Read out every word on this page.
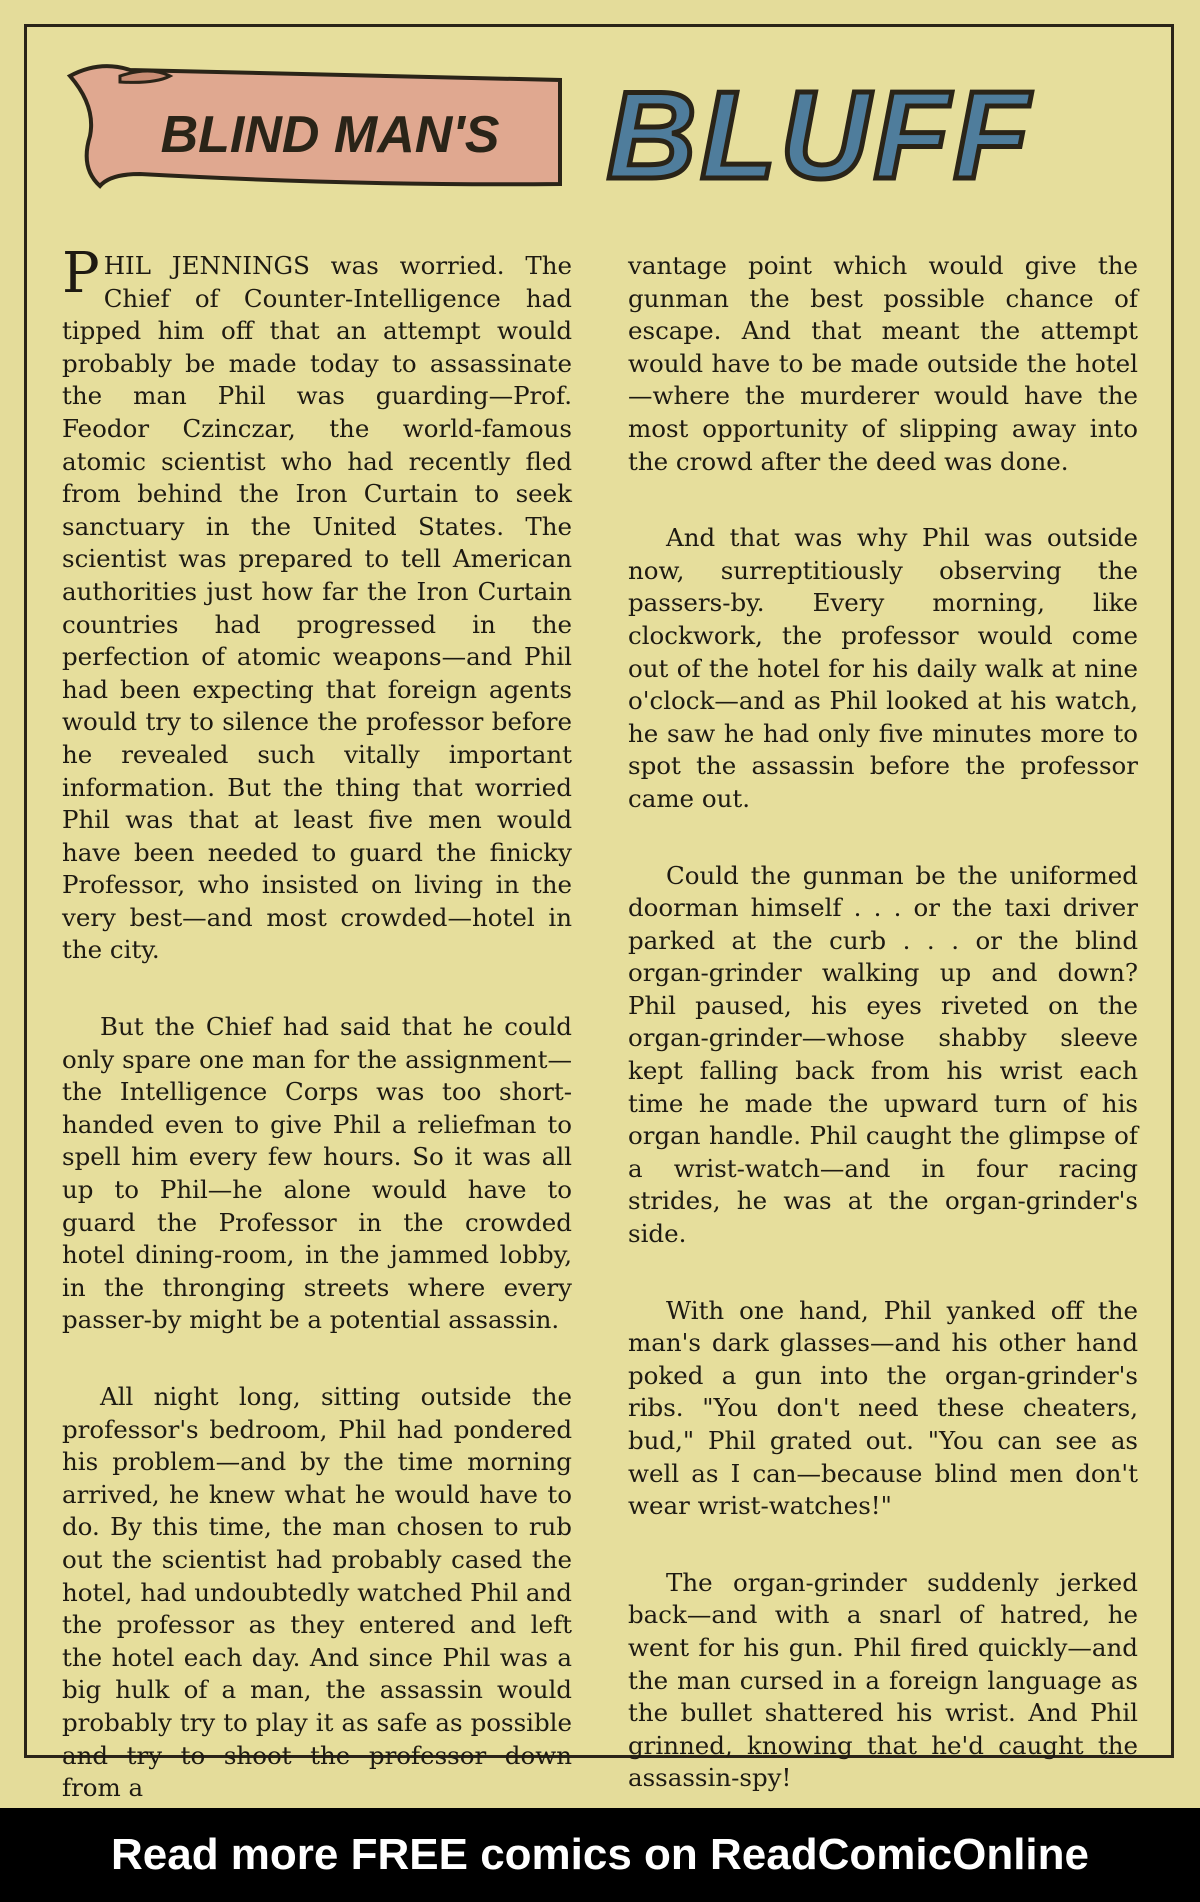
BLIND MAN'S BLUFF

PHIL JENNINGS was worried. The Chief of Counter-Intelligence had tipped him off that an attempt would probably be made today to assassinate the man Phil was guarding—Prof. Feodor Czinczar, the world-famous atomic scientist who had recently fled from behind the Iron Curtain to seek sanctuary in the United States. The scientist was prepared to tell American authorities just how far the Iron Curtain countries had progressed in the perfection of atomic weapons—and Phil had been expecting that foreign agents would try to silence the professor before he revealed such vitally important information. But the thing that worried Phil was that at least five men would have been needed to guard the finicky Professor, who insisted on living in the very best—and most crowded—hotel in the city.

But the Chief had said that he could only spare one man for the assignment—the Intelligence Corps was too short-handed even to give Phil a reliefman to spell him every few hours. So it was all up to Phil—he alone would have to guard the Professor in the crowded hotel dining-room, in the jammed lobby, in the thronging streets where every passer-by might be a potential assassin.

All night long, sitting outside the professor's bedroom, Phil had pondered his problem—and by the time morning arrived, he knew what he would have to do. By this time, the man chosen to rub out the scientist had probably cased the hotel, had undoubtedly watched Phil and the professor as they entered and left the hotel each day. And since Phil was a big hulk of a man, the assassin would probably try to play it as safe as possible and try to shoot the professor down from a

vantage point which would give the gunman the best possible chance of escape. And that meant the attempt would have to be made outside the hotel—where the murderer would have the most opportunity of slipping away into the crowd after the deed was done.

And that was why Phil was outside now, surreptitiously observing the passers-by. Every morning, like clockwork, the professor would come out of the hotel for his daily walk at nine o'clock—and as Phil looked at his watch, he saw he had only five minutes more to spot the assassin before the professor came out.

Could the gunman be the uniformed doorman himself . . . or the taxi driver parked at the curb . . . or the blind organ-grinder walking up and down? Phil paused, his eyes riveted on the organ-grinder—whose shabby sleeve kept falling back from his wrist each time he made the upward turn of his organ handle. Phil caught the glimpse of a wrist-watch—and in four racing strides, he was at the organ-grinder's side.

With one hand, Phil yanked off the man's dark glasses—and his other hand poked a gun into the organ-grinder's ribs. "You don't need these cheaters, bud," Phil grated out. "You can see as well as I can—because blind men don't wear wrist-watches!"

The organ-grinder suddenly jerked back—and with a snarl of hatred, he went for his gun. Phil fired quickly—and the man cursed in a foreign language as the bullet shattered his wrist. And Phil grinned, knowing that he'd caught the assassin-spy!

Read more FREE comics on ReadComicOnline
